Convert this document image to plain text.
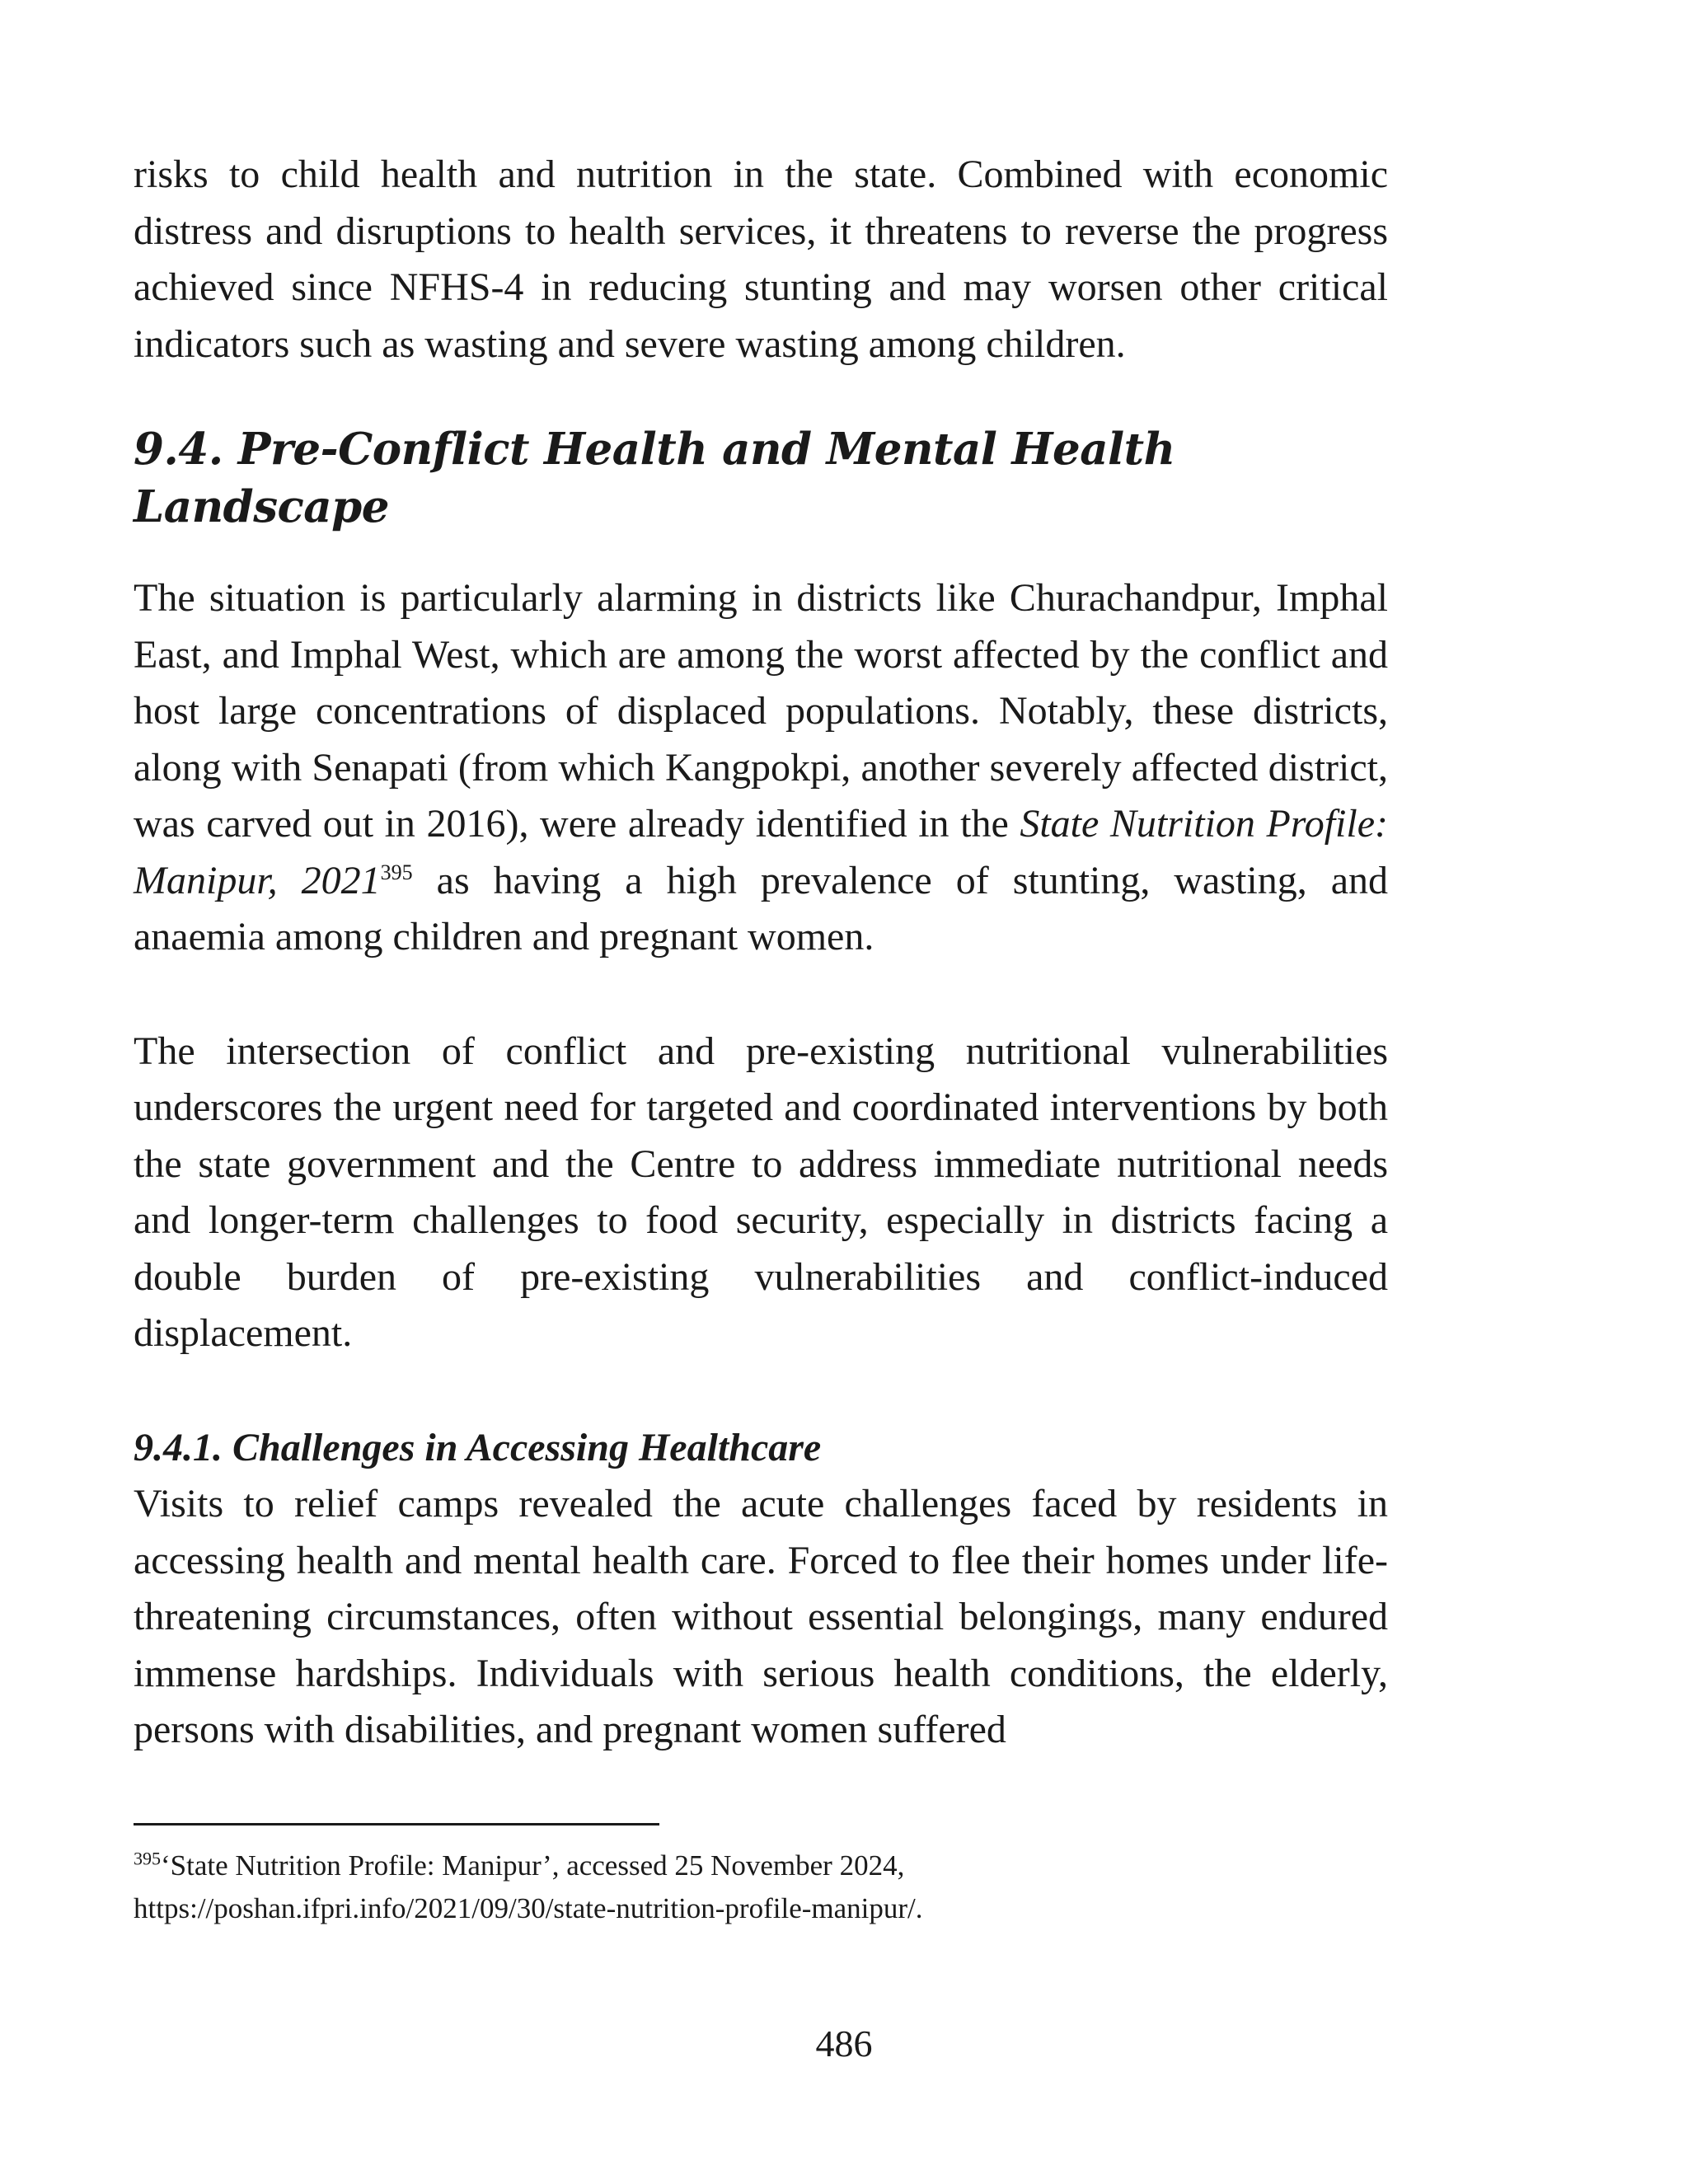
risks to child health and nutrition in the state. Combined with economic distress and disruptions to health services, it threatens to reverse the progress achieved since NFHS-4 in reducing stunting and may worsen other critical indicators such as wasting and severe wasting among children.

9.4. Pre-Conflict Health and Mental Health Landscape

The situation is particularly alarming in districts like Churachandpur, Imphal East, and Imphal West, which are among the worst affected by the conflict and host large concentrations of displaced populations. Notably, these districts, along with Senapati (from which Kangpokpi, another severely affected district, was carved out in 2016), were already identified in the State Nutrition Profile: Manipur, 2021$^{395}$ as having a high prevalence of stunting, wasting, and anaemia among children and pregnant women.

The intersection of conflict and pre-existing nutritional vulnerabilities underscores the urgent need for targeted and coordinated interventions by both the state government and the Centre to address immediate nutritional needs and longer-term challenges to food security, especially in districts facing a double burden of pre-existing vulnerabilities and conflict-induced displacement.

9.4.1. Challenges in Accessing Healthcare

Visits to relief camps revealed the acute challenges faced by residents in accessing health and mental health care. Forced to flee their homes under life-threatening circumstances, often without essential belongings, many endured immense hardships. Individuals with serious health conditions, the elderly, persons with disabilities, and pregnant women suffered

$^{395}$‘State Nutrition Profile: Manipur’, accessed 25 November 2024,
https://poshan.ifpri.info/2021/09/30/state-nutrition-profile-manipur/.
486
